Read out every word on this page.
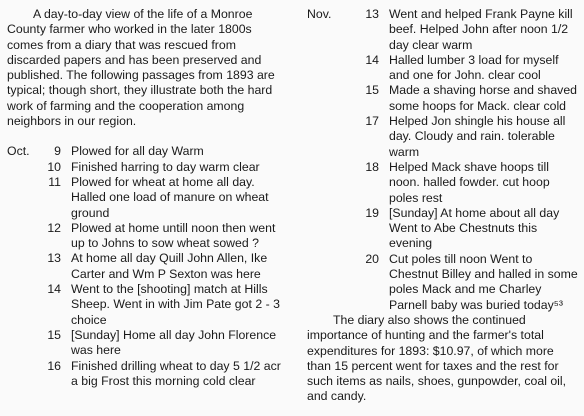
A day-to-day view of the life of a Monroe County farmer who worked in the later 1800s comes from a diary that was rescued from discarded papers and has been preserved and published. The following passages from 1893 are typical; though short, they illustrate both the hard work of farming and the cooperation among neighbors in our region.

Oct.	9 Plowed for all day Warm
10 Finished harring to day warm clear
11 Plowed for wheat at home all day. Halled one load of manure on wheat ground
12 Plowed at home untill noon then went up to Johns to sow wheat sowed ?
13 At home all day Quill John Allen, Ike Carter and Wm P Sexton was here
14 Went to the [shooting] match at Hills Sheep. Went in with Jim Pate got 2 - 3 choice
15 [Sunday] Home all day John Florence was here
16 Finished drilling wheat to day 5 1/2 acr a big Frost this morning cold clear
Nov.	13 Went and helped Frank Payne kill beef. Helped John after noon 1/2 day clear warm
14 Halled lumber 3 load for myself and one for John. clear cool
15 Made a shaving horse and shaved some hoops for Mack. clear cold
17 Helped Jon shingle his house all day. Cloudy and rain. tolerable warm
18 Helped Mack shave hoops till noon. halled fowder. cut hoop poles rest
19 [Sunday] At home about all day Went to Abe Chestnuts this evening
20 Cut poles till noon Went to Chestnut Billey and halled in some poles Mack and me Charley Parnell baby was buried today⁵³

The diary also shows the continued importance of hunting and the farmer's total expenditures for 1893: $10.97, of which more than 15 percent went for taxes and the rest for such items as nails, shoes, gunpowder, coal oil, and candy.
